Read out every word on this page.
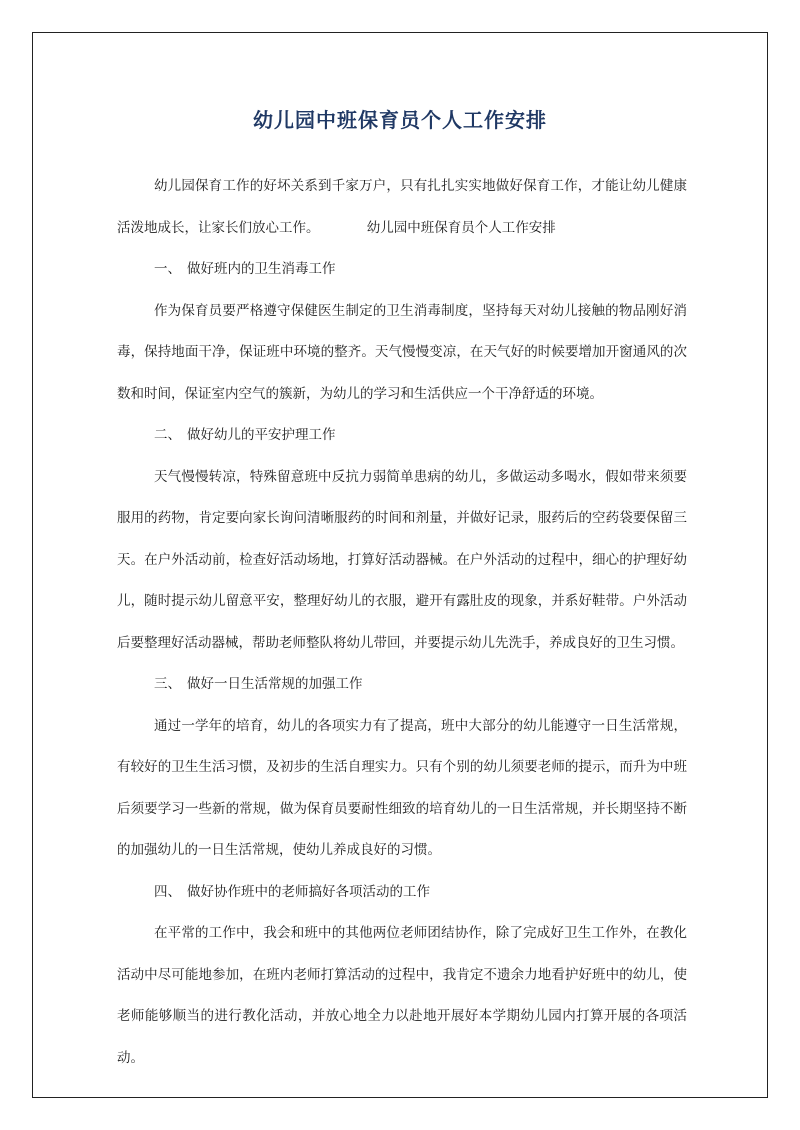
幼儿园中班保育员个人工作安排

幼儿园保育工作的好坏关系到千家万户，只有扎扎实实地做好保育工作，才能让幼儿健康活泼地成长，让家长们放心工作。　　　　幼儿园中班保育员个人工作安排

一、 做好班内的卫生消毒工作

作为保育员要严格遵守保健医生制定的卫生消毒制度，坚持每天对幼儿接触的物品刚好消毒，保持地面干净，保证班中环境的整齐。天气慢慢变凉，在天气好的时候要增加开窗通风的次数和时间，保证室内空气的簇新，为幼儿的学习和生活供应一个干净舒适的环境。

二、 做好幼儿的平安护理工作

天气慢慢转凉，特殊留意班中反抗力弱简单患病的幼儿，多做运动多喝水，假如带来须要服用的药物，肯定要向家长询问清晰服药的时间和剂量，并做好记录，服药后的空药袋要保留三天。在户外活动前，检查好活动场地，打算好活动器械。在户外活动的过程中，细心的护理好幼儿，随时提示幼儿留意平安，整理好幼儿的衣服，避开有露肚皮的现象，并系好鞋带。户外活动后要整理好活动器械，帮助老师整队将幼儿带回，并要提示幼儿先洗手，养成良好的卫生习惯。

三、 做好一日生活常规的加强工作

通过一学年的培育，幼儿的各项实力有了提高，班中大部分的幼儿能遵守一日生活常规，有较好的卫生生活习惯，及初步的生活自理实力。只有个别的幼儿须要老师的提示，而升为中班后须要学习一些新的常规，做为保育员要耐性细致的培育幼儿的一日生活常规，并长期坚持不断的加强幼儿的一日生活常规，使幼儿养成良好的习惯。

四、 做好协作班中的老师搞好各项活动的工作

在平常的工作中，我会和班中的其他两位老师团结协作，除了完成好卫生工作外，在教化活动中尽可能地参加，在班内老师打算活动的过程中，我肯定不遗余力地看护好班中的幼儿，使老师能够顺当的进行教化活动，并放心地全力以赴地开展好本学期幼儿园内打算开展的各项活动。
